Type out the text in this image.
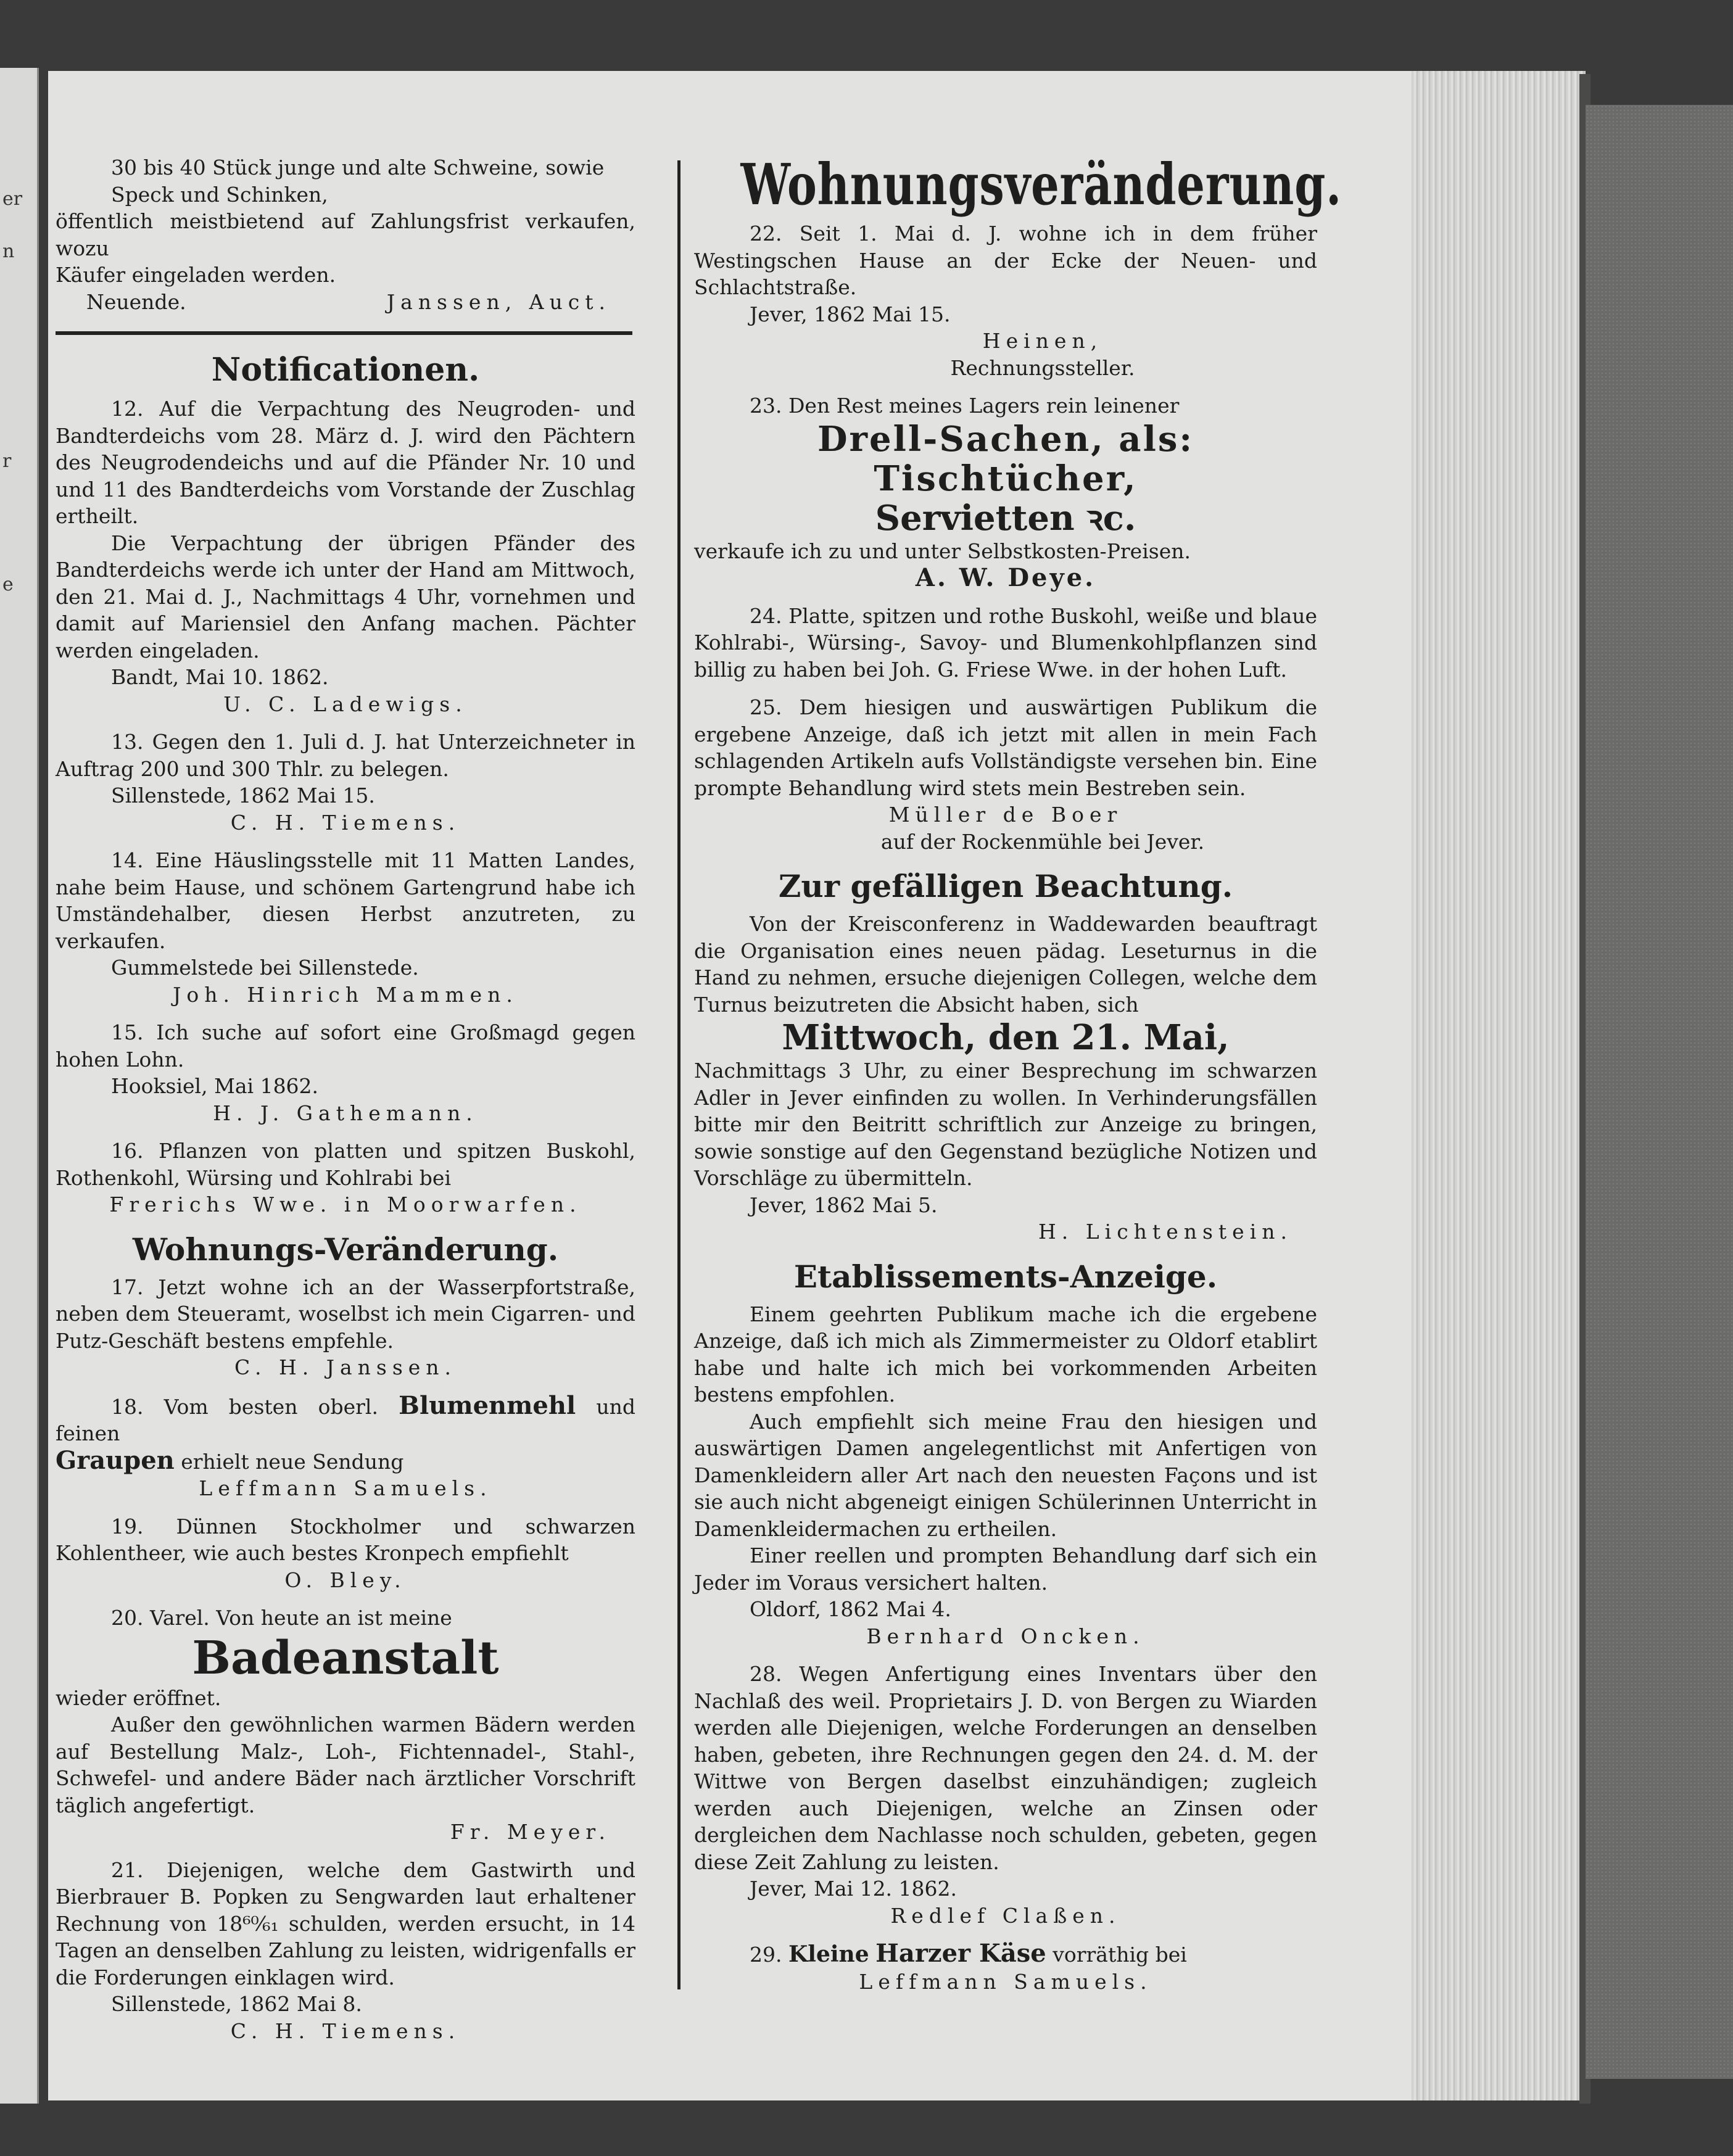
er
n
r
e

30 bis 40 Stück junge und alte Schweine, sowie

Speck und Schinken,

öffentlich meistbietend auf Zahlungsfrist verkaufen, wozu

Käufer eingeladen werden.

Neuende.	Janssen, Auct.

Notificationen.

12. Auf die Verpachtung des Neugroden- und Bandterdeichs vom 28. März d. J. wird den Pächtern des Neugrodendeichs und auf die Pfänder Nr. 10 und und 11 des Bandterdeichs vom Vorstande der Zuschlag ertheilt.

Die Verpachtung der übrigen Pfänder des Bandterdeichs werde ich unter der Hand am Mittwoch, den 21. Mai d. J., Nachmittags 4 Uhr, vornehmen und damit auf Mariensiel den Anfang machen. Pächter werden eingeladen.

Bandt, Mai 10. 1862.

U. C. Ladewigs.

13. Gegen den 1. Juli d. J. hat Unterzeichneter in Auftrag 200 und 300 Thlr. zu belegen.

Sillenstede, 1862 Mai 15.

C. H. Tiemens.

14. Eine Häuslingsstelle mit 11 Matten Landes, nahe beim Hause, und schönem Gartengrund habe ich Umständehalber, diesen Herbst anzutreten, zu verkaufen.

Gummelstede bei Sillenstede.

Joh. Hinrich Mammen.

15. Ich suche auf sofort eine Großmagd gegen hohen Lohn.

Hooksiel, Mai 1862.

H. J. Gathemann.

16. Pflanzen von platten und spitzen Buskohl, Rothenkohl, Würsing und Kohlrabi bei

Frerichs Wwe. in Moorwarfen.

Wohnungs-Veränderung.

17. Jetzt wohne ich an der Wasserpfortstraße, neben dem Steueramt, woselbst ich mein Cigarren- und Putz-Geschäft bestens empfehle.

C. H. Janssen.

18. Vom besten oberl. Blumenmehl und feinen

Graupen erhielt neue Sendung

Leffmann Samuels.

19. Dünnen Stockholmer und schwarzen Kohlentheer, wie auch bestes Kronpech empfiehlt

O. Bley.

20. Varel. Von heute an ist meine

Badeanstalt

wieder eröffnet.

Außer den gewöhnlichen warmen Bädern werden auf Bestellung Malz-, Loh-, Fichtennadel-, Stahl-, Schwefel- und andere Bäder nach ärztlicher Vorschrift täglich angefertigt.

Fr. Meyer.

21. Diejenigen, welche dem Gastwirth und Bierbrauer B. Popken zu Sengwarden laut erhaltener Rechnung von 18⁶⁰⁄₆₁ schulden, werden ersucht, in 14 Tagen an denselben Zahlung zu leisten, widrigenfalls er die Forderungen einklagen wird.

Sillenstede, 1862 Mai 8.

C. H. Tiemens.

Wohnungsveränderung.

22. Seit 1. Mai d. J. wohne ich in dem früher Westingschen Hause an der Ecke der Neuen- und Schlachtstraße.

Jever, 1862 Mai 15.

Heinen,

Rechnungssteller.

23. Den Rest meines Lagers rein leinener

Drell-Sachen, als: Tischtücher,
Servietten ꝛc.

verkaufe ich zu und unter Selbstkosten-Preisen.

A. W. Deye.

24. Platte, spitzen und rothe Buskohl, weiße und blaue Kohlrabi-, Würsing-, Savoy- und Blumenkohlpflanzen sind billig zu haben bei Joh. G. Friese Wwe. in der hohen Luft.

25. Dem hiesigen und auswärtigen Publikum die ergebene Anzeige, daß ich jetzt mit allen in mein Fach schlagenden Artikeln aufs Vollständigste versehen bin. Eine prompte Behandlung wird stets mein Bestreben sein.

Müller de Boer

auf der Rockenmühle bei Jever.

Zur gefälligen Beachtung.

Von der Kreisconferenz in Waddewarden beauftragt die Organisation eines neuen pädag. Leseturnus in die Hand zu nehmen, ersuche diejenigen Collegen, welche dem Turnus beizutreten die Absicht haben, sich

Mittwoch, den 21. Mai,

Nachmittags 3 Uhr, zu einer Besprechung im schwarzen Adler in Jever einfinden zu wollen. In Verhinderungsfällen bitte mir den Beitritt schriftlich zur Anzeige zu bringen, sowie sonstige auf den Gegenstand bezügliche Notizen und Vorschläge zu übermitteln.

Jever, 1862 Mai 5.

H. Lichtenstein.

Etablissements-Anzeige.

Einem geehrten Publikum mache ich die ergebene Anzeige, daß ich mich als Zimmermeister zu Oldorf etablirt habe und halte ich mich bei vorkommenden Arbeiten bestens empfohlen.

Auch empfiehlt sich meine Frau den hiesigen und auswärtigen Damen angelegentlichst mit Anfertigen von Damenkleidern aller Art nach den neuesten Façons und ist sie auch nicht abgeneigt einigen Schülerinnen Unterricht in Damenkleidermachen zu ertheilen.

Einer reellen und prompten Behandlung darf sich ein Jeder im Voraus versichert halten.

Oldorf, 1862 Mai 4.

Bernhard Oncken.

28. Wegen Anfertigung eines Inventars über den Nachlaß des weil. Proprietairs J. D. von Bergen zu Wiarden werden alle Diejenigen, welche Forderungen an denselben haben, gebeten, ihre Rechnungen gegen den 24. d. M. der Wittwe von Bergen daselbst einzuhändigen; zugleich werden auch Diejenigen, welche an Zinsen oder dergleichen dem Nachlasse noch schulden, gebeten, gegen diese Zeit Zahlung zu leisten.

Jever, Mai 12. 1862.

Redlef Claßen.

29. Kleine Harzer Käse vorräthig bei

Leffmann Samuels.
